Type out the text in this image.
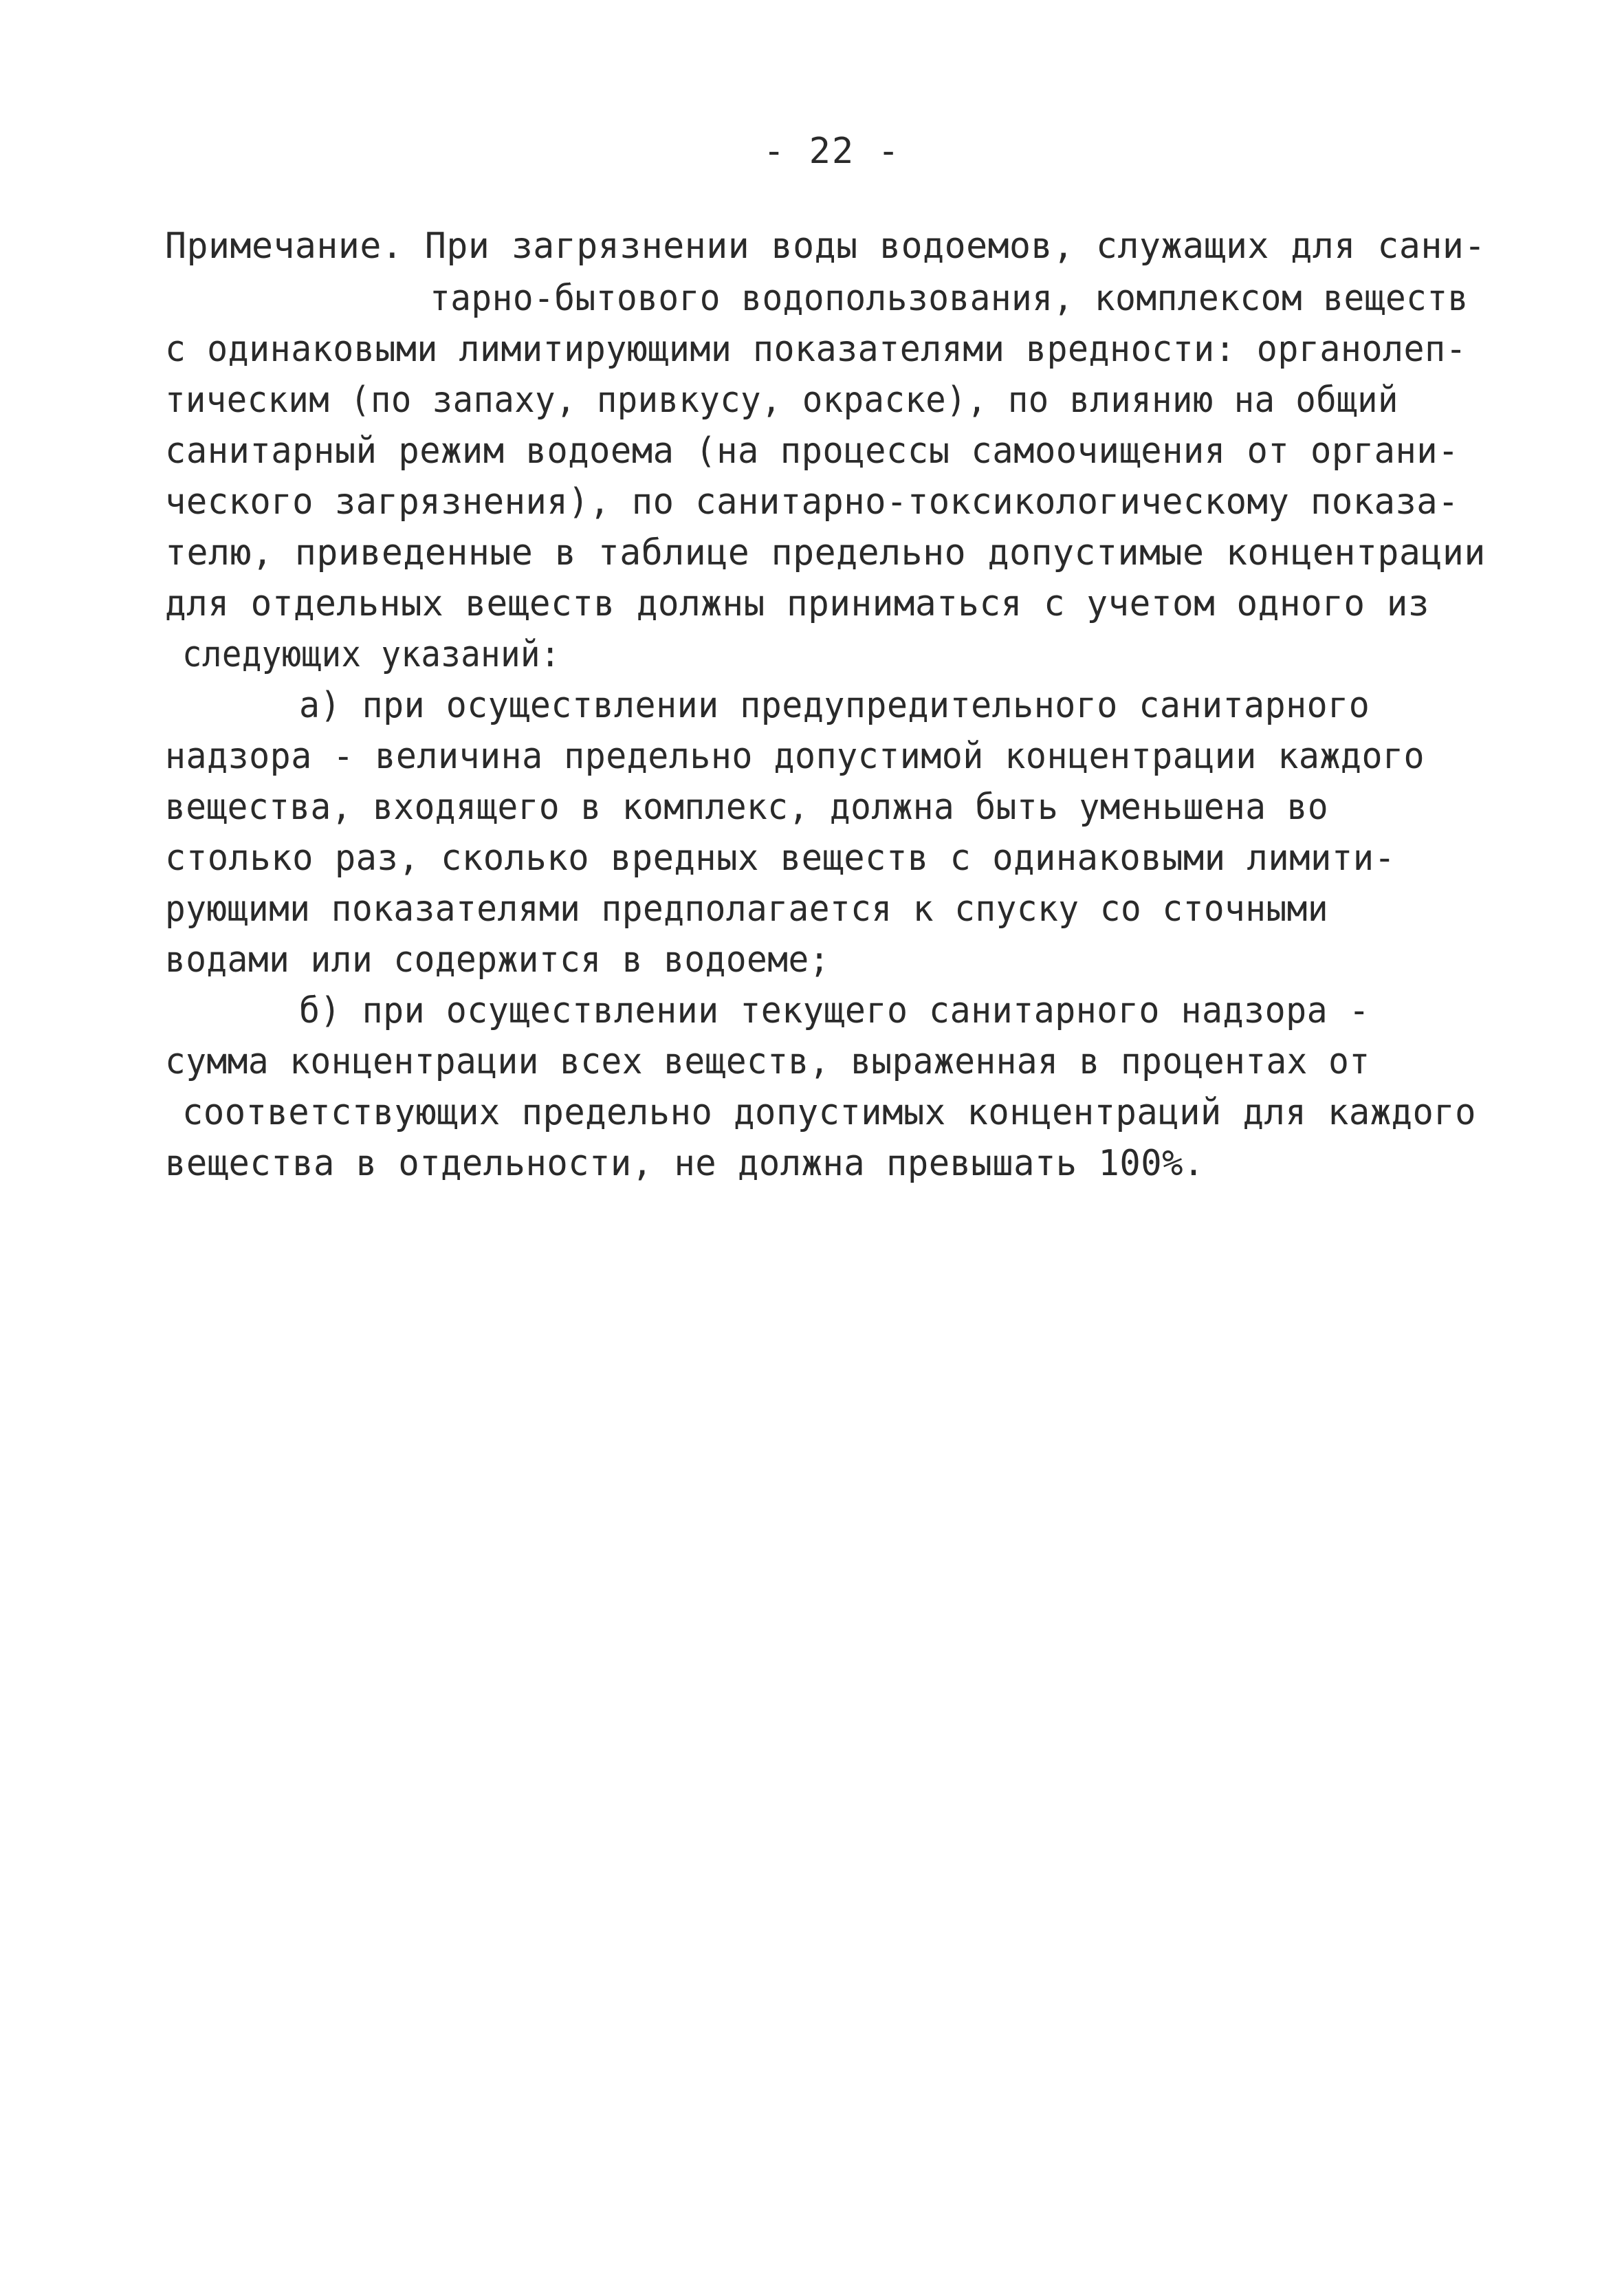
- 22 -
Примечание. При загрязнении воды водоемов, служащих для сани-
тарно-бытового водопользования, комплексом веществ
с одинаковыми лимитирующими показателями вредности: органолеп-
тическим (по запаху, привкусу, окраске), по влиянию на общий
санитарный режим водоема (на процессы самоочищения от органи-
ческого загрязнения), по санитарно-токсикологическому показа-
телю, приведенные в таблице предельно допустимые концентрации
для отдельных веществ должны приниматься с учетом одного из
следующих указаний:
а) при осуществлении предупредительного санитарного
надзора - величина предельно допустимой концентрации каждого
вещества, входящего в комплекс, должна быть уменьшена во
столько раз, сколько вредных веществ с одинаковыми лимити-
рующими показателями предполагается к спуску со сточными
водами или содержится в водоеме;
б) при осуществлении текущего санитарного надзора -
сумма концентрации всех веществ, выраженная в процентах от
соответствующих предельно допустимых концентраций для каждого
вещества в отдельности, не должна превышать 100%.
